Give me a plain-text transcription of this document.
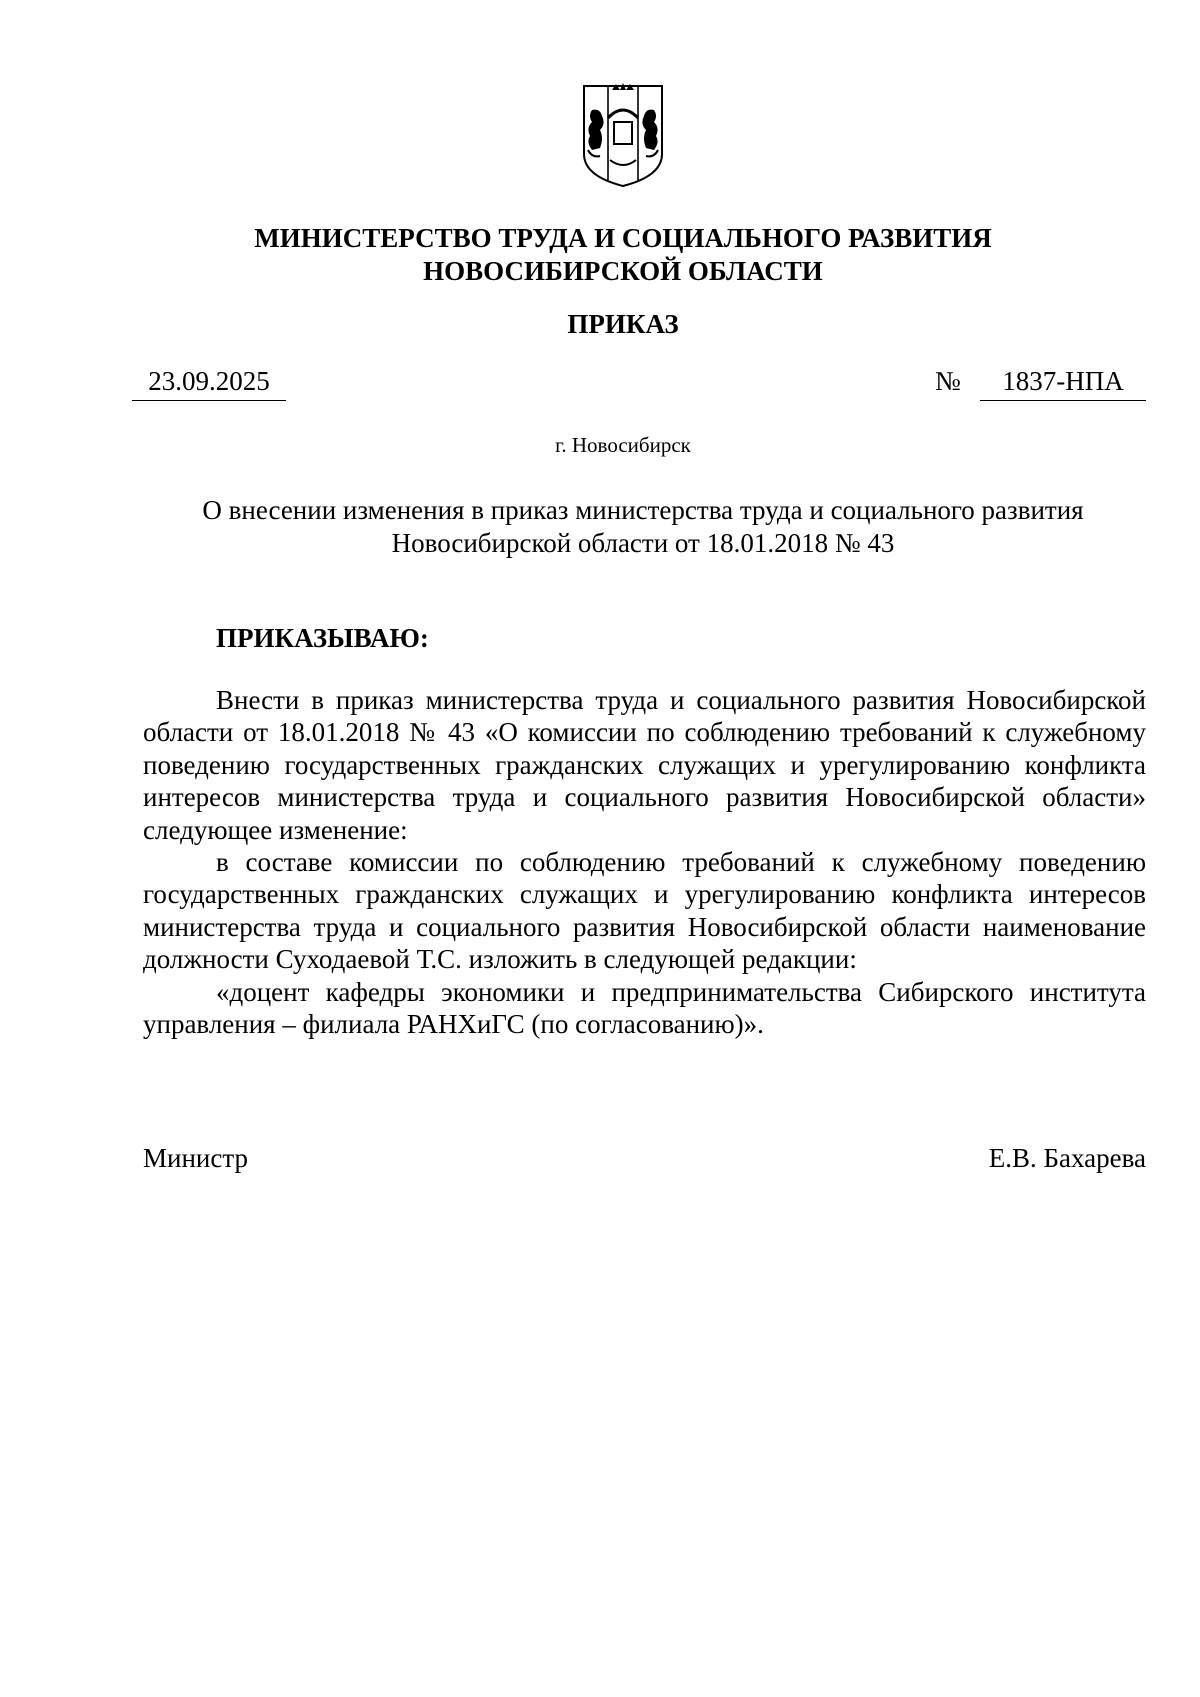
МИНИСТЕРСТВО ТРУДА И СОЦИАЛЬНОГО РАЗВИТИЯ
НОВОСИБИРСКОЙ ОБЛАСТИ
ПРИКАЗ
23.09.2025	№	1837-НПА
г. Новосибирск
О внесении изменения в приказ министерства труда и социального развития
Новосибирской области от 18.01.2018 № 43
ПРИКАЗЫВАЮ:

Внести в приказ министерства труда и социального развития Новосибирской области от 18.01.2018 № 43 «О комиссии по соблюдению требований к служебному поведению государственных гражданских служащих и урегулированию конфликта интересов министерства труда и социального развития Новосибирской области» следующее изменение:

в составе комиссии по соблюдению требований к служебному поведению государственных гражданских служащих и урегулированию конфликта интересов министерства труда и социального развития Новосибирской области наименование должности Суходаевой Т.С. изложить в следующей редакции:

«доцент кафедры экономики и предпринимательства Сибирского института управления – филиала РАНХиГС (по согласованию)».

Министр	Е.В. Бахарева
